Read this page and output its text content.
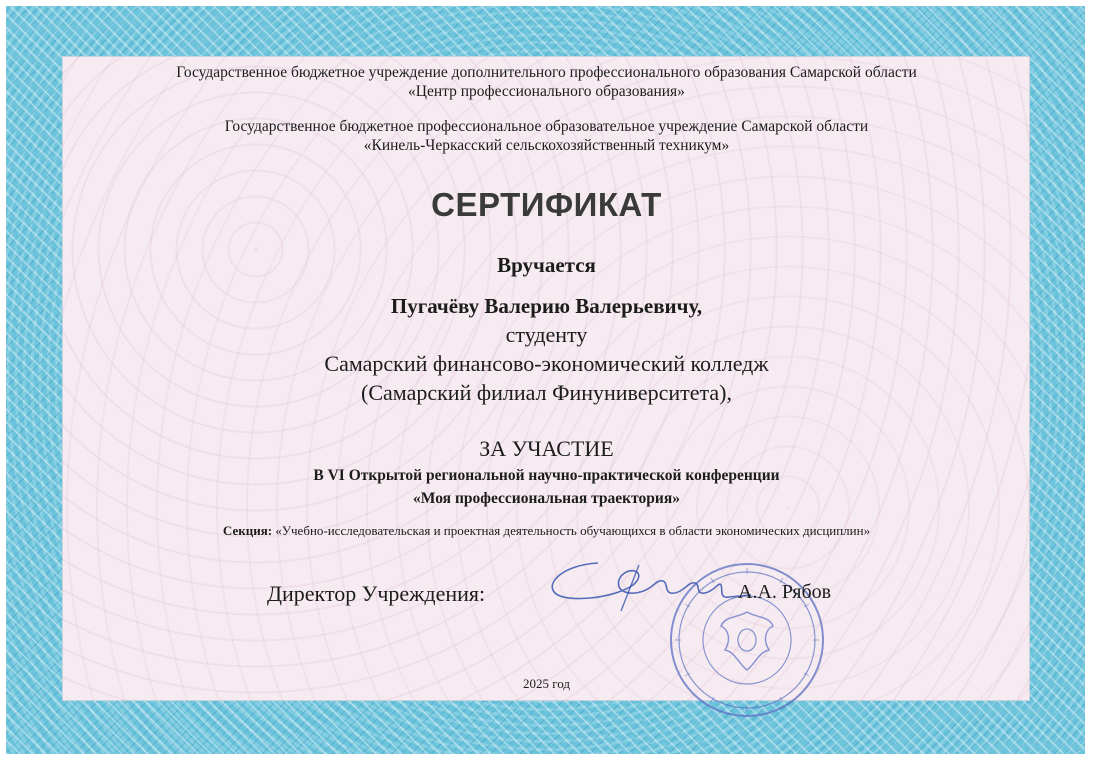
Государственное бюджетное учреждение дополнительного профессионального образования Самарской области
«Центр профессионального образования»
Государственное бюджетное профессиональное образовательное учреждение Самарской области
«Кинель-Черкасский сельскохозяйственный техникум»
СЕРТИФИКАТ
Вручается
Пугачёву Валерию Валерьевичу,
студенту
Самарский финансово-экономический колледж
(Самарский филиал Финуниверситета),
ЗА УЧАСТИЕ
В VI Открытой региональной научно-практической конференции
«Моя профессиональная траектория»
Секция: «Учебно-исследовательская и проектная деятельность обучающихся в области экономических дисциплин»
Директор Учреждения:	А.А. Рябов
2025 год
